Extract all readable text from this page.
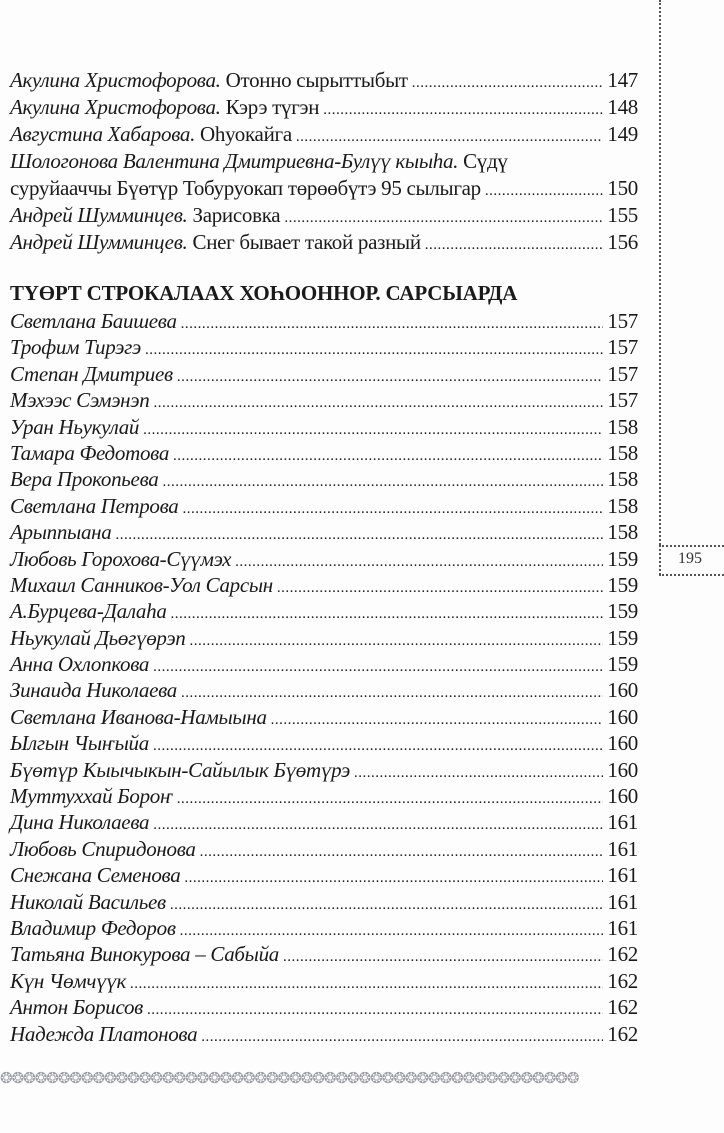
195
Акулина Христофорова. Отонно сырыттыбыт .....	147
Акулина Христофорова. Кэрэ түгэн .....	148
Августина Хабарова. Оһуокайга .....	149
Шологонова Валентина Дмитриевна-Булүү кыыһа. Сүдү
суруйааччы Бүөтүр Тобуруокап төрөөбүтэ 95 сылыгар .....	150
Андрей Шумминцев. Зарисовка .....	155
Андрей Шумминцев. Снег бывает такой разный .....	156
ТҮӨРТ СТРОКАЛААХ ХОҺООННОР. САРСЫАРДА
Светлана Баишева .....	157
Трофим Тирэгэ .....	157
Степан Дмитриев .....	157
Мэхээс Сэмэнэп .....	157
Уран Ньукулай .....	158
Тамара Федотова .....	158
Вера Прокопьева .....	158
Светлана Петрова .....	158
Арыппыана .....	158
Любовь Горохова-Сүүмэх .....	159
Михаил Санников-Уол Сарсын .....	159
А.Бурцева-Далаһа .....	159
Ньукулай Дьөгүөрэп .....	159
Анна Охлопкова .....	159
Зинаида Николаева .....	160
Светлана Иванова-Намыына .....	160
Ылгын Чыҥыйа .....	160
Бүөтүр Кыычыкын-Сайылык Бүөтүрэ .....	160
Муттуххай Бороҥ .....	160
Дина Николаева .....	161
Любовь Спиридонова .....	161
Снежана Семенова .....	161
Николай Васильев .....	161
Владимир Федоров .....	161
Татьяна Винокурова – Сабыйа .....	162
Күн Чөмчүүк .....	162
Антон Борисов .....	162
Надежда Платонова .....	162
❂❂❂❂❂❂❂❂❂❂❂❂❂❂❂❂❂❂❂❂❂❂❂❂❂❂❂❂❂❂❂❂❂❂❂❂❂❂❂❂❂❂❂❂❂❂❂❂❂❂
